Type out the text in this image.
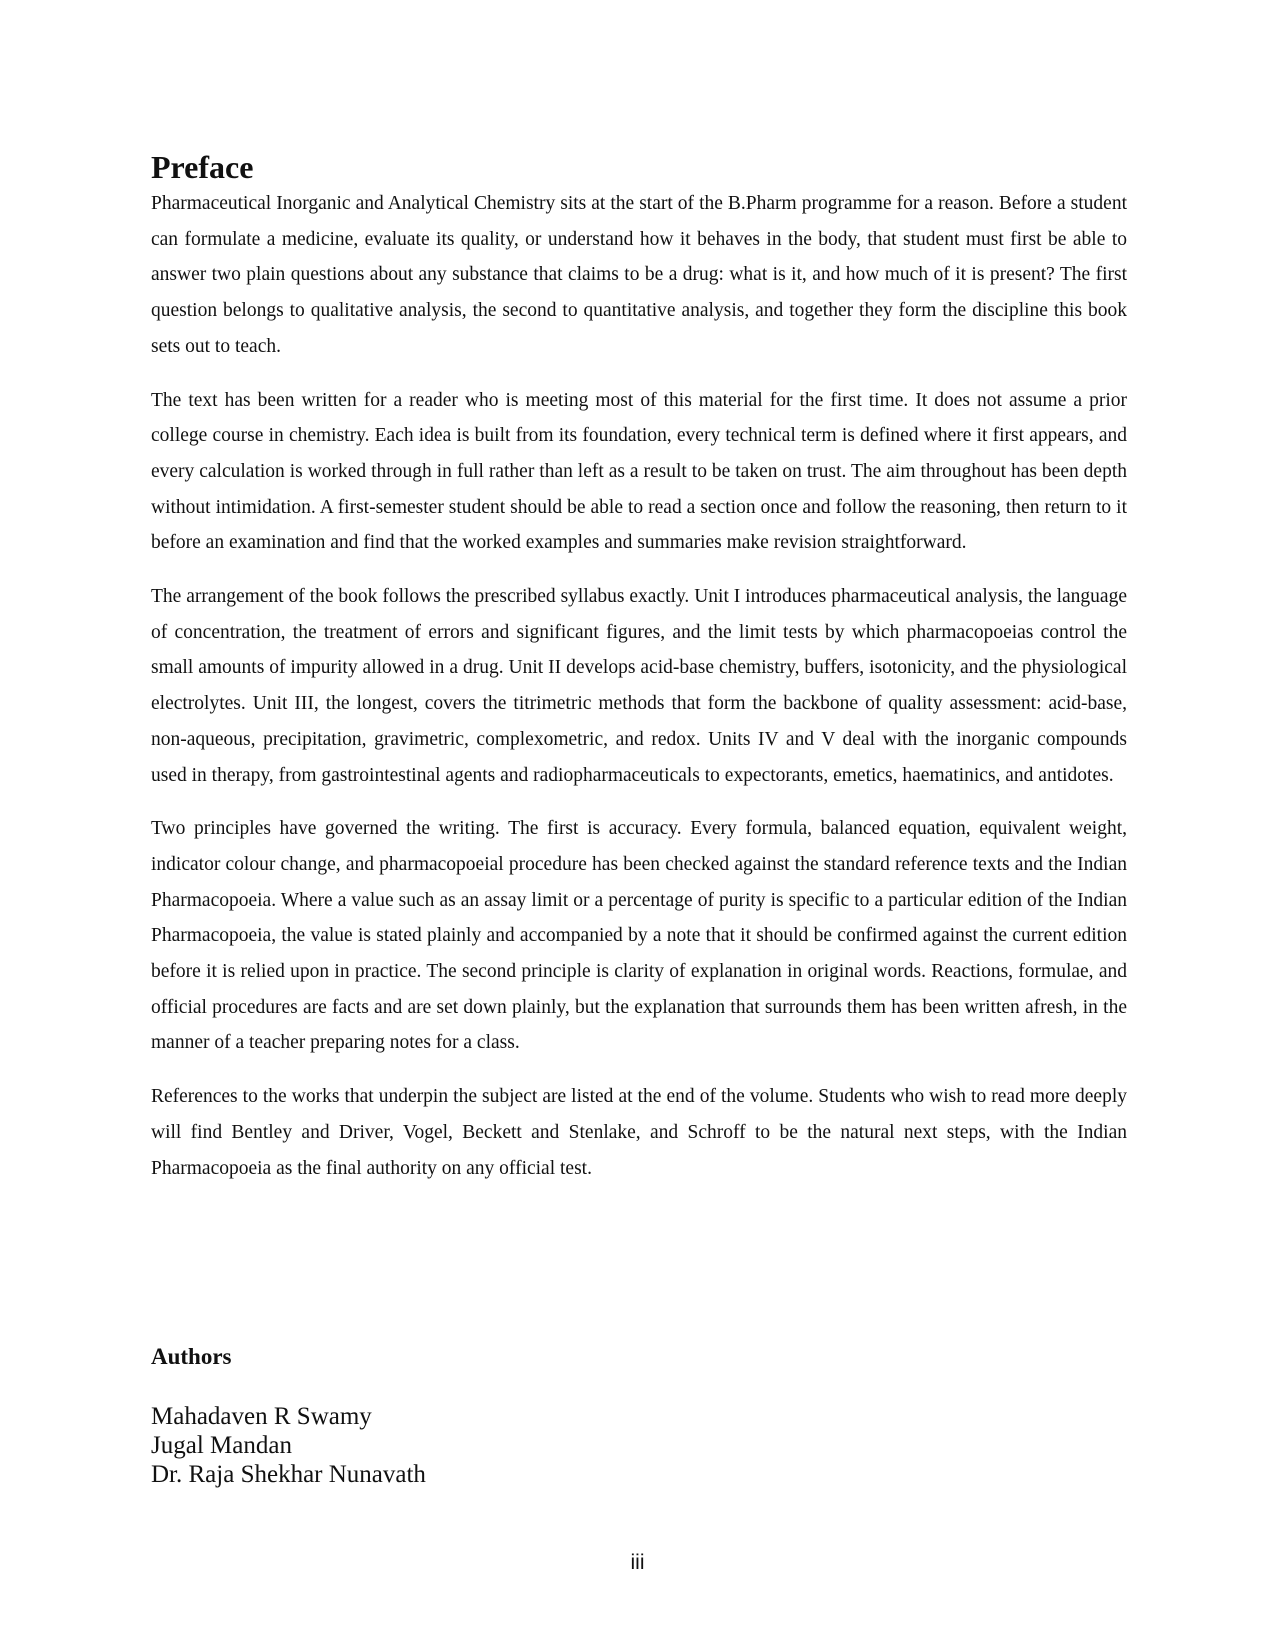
Preface

Pharmaceutical Inorganic and Analytical Chemistry sits at the start of the B.Pharm programme for a reason. Before a student can formulate a medicine, evaluate its quality, or understand how it behaves in the body, that student must first be able to answer two plain questions about any substance that claims to be a drug: what is it, and how much of it is present? The first question belongs to qualitative analysis, the second to quantitative analysis, and together they form the discipline this book sets out to teach.

The text has been written for a reader who is meeting most of this material for the first time. It does not assume a prior college course in chemistry. Each idea is built from its foundation, every technical term is defined where it first appears, and every calculation is worked through in full rather than left as a result to be taken on trust. The aim throughout has been depth without intimidation. A first-semester student should be able to read a section once and follow the reasoning, then return to it before an examination and find that the worked examples and summaries make revision straightforward.

The arrangement of the book follows the prescribed syllabus exactly. Unit I introduces pharmaceutical analysis, the language of concentration, the treatment of errors and significant figures, and the limit tests by which pharmacopoeias control the small amounts of impurity allowed in a drug. Unit II develops acid-base chemistry, buffers, isotonicity, and the physiological electrolytes. Unit III, the longest, covers the titrimetric methods that form the backbone of quality assessment: acid-base, non-aqueous, precipitation, gravimetric, complexometric, and redox. Units IV and V deal with the inorganic compounds used in therapy, from gastrointestinal agents and radiopharmaceuticals to expectorants, emetics, haematinics, and antidotes.

Two principles have governed the writing. The first is accuracy. Every formula, balanced equation, equivalent weight, indicator colour change, and pharmacopoeial procedure has been checked against the standard reference texts and the Indian Pharmacopoeia. Where a value such as an assay limit or a percentage of purity is specific to a particular edition of the Indian Pharmacopoeia, the value is stated plainly and accompanied by a note that it should be confirmed against the current edition before it is relied upon in practice. The second principle is clarity of explanation in original words. Reactions, formulae, and official procedures are facts and are set down plainly, but the explanation that surrounds them has been written afresh, in the manner of a teacher preparing notes for a class.

References to the works that underpin the subject are listed at the end of the volume. Students who wish to read more deeply will find Bentley and Driver, Vogel, Beckett and Stenlake, and Schroff to be the natural next steps, with the Indian Pharmacopoeia as the final authority on any official test.

Authors
Mahadaven R Swamy
Jugal Mandan
Dr. Raja Shekhar Nunavath
iii
